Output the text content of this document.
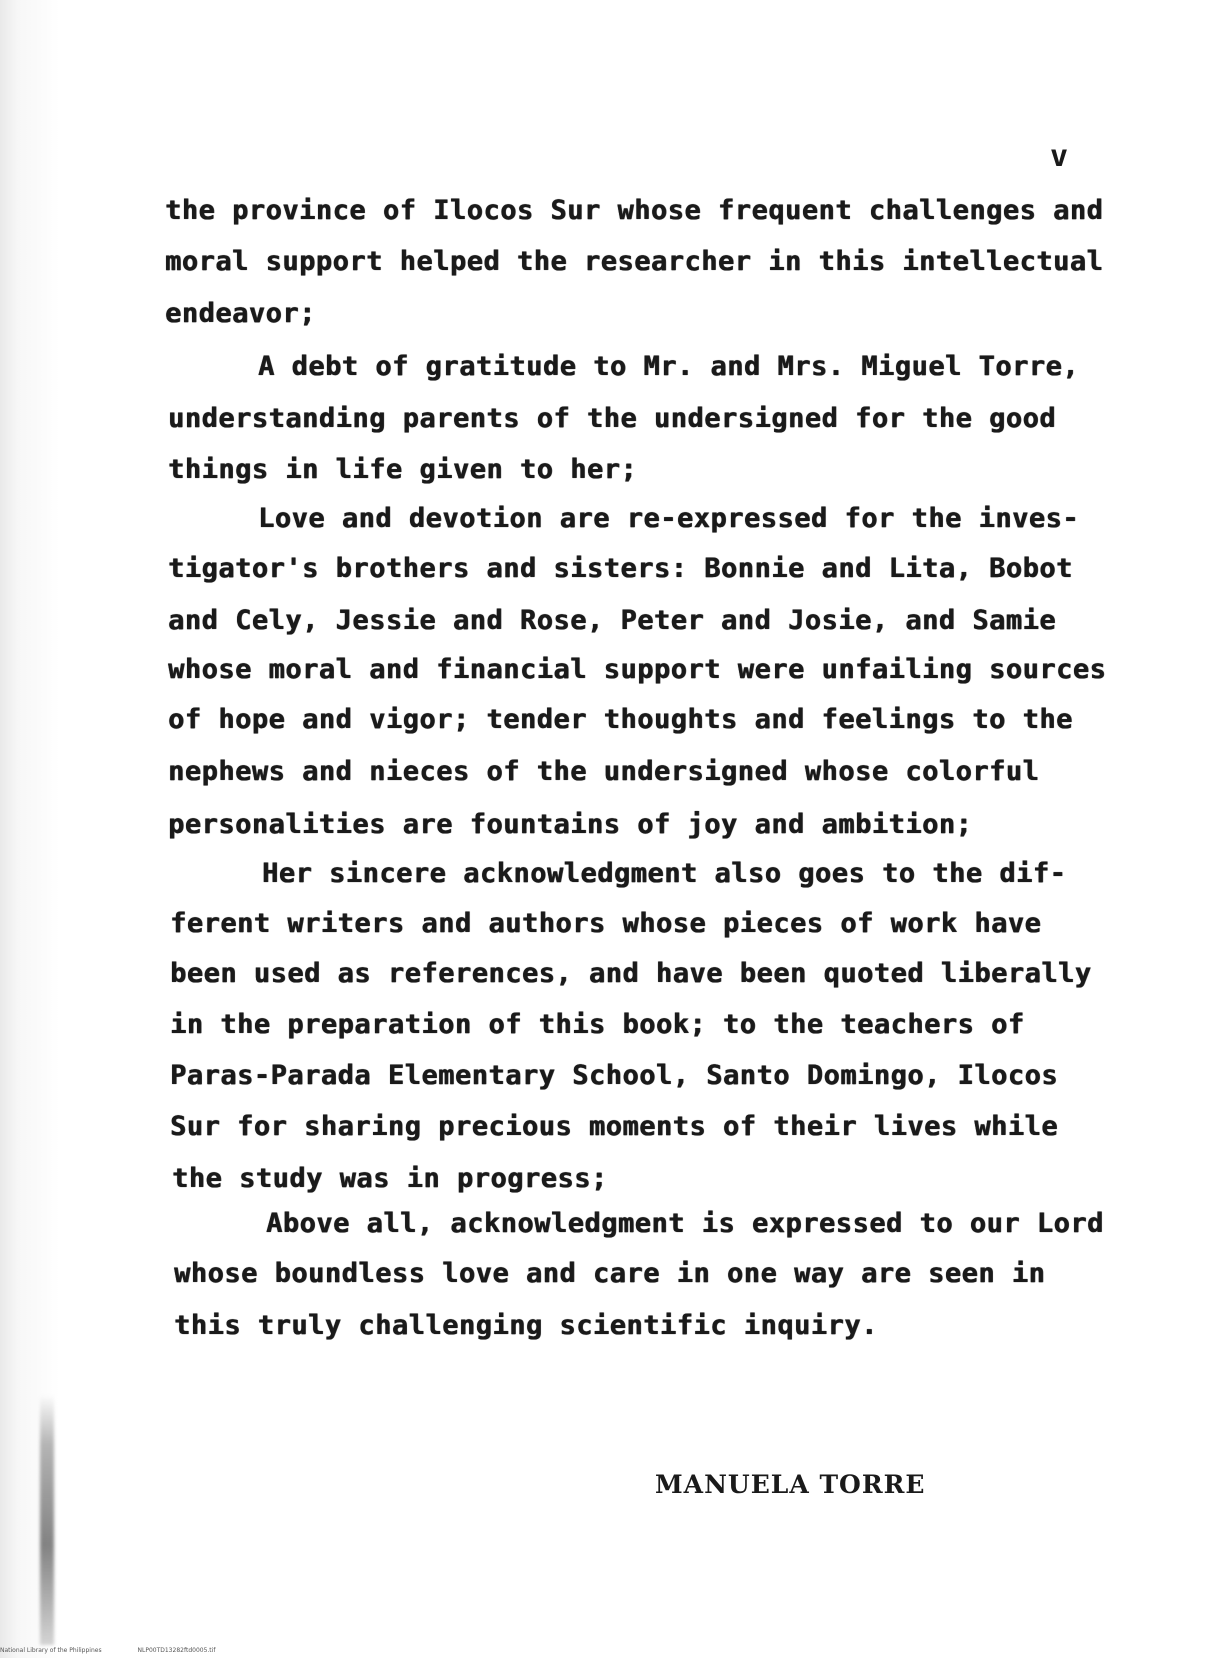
v
the province of Ilocos Sur whose frequent challenges and
moral support helped the researcher in this intellectual
endeavor;
A debt of gratitude to Mr. and Mrs. Miguel Torre,
understanding parents of the undersigned for the good
things in life given to her;
Love and devotion are re-expressed for the inves-
tigator's brothers and sisters: Bonnie and Lita, Bobot
and Cely, Jessie and Rose, Peter and Josie, and Samie
whose moral and financial support were unfailing sources
of hope and vigor; tender thoughts and feelings to the
nephews and nieces of the undersigned whose colorful
personalities are fountains of joy and ambition;
Her sincere acknowledgment also goes to the dif-
ferent writers and authors whose pieces of work have
been used as references, and have been quoted liberally
in the preparation of this book; to the teachers of
Paras-Parada Elementary School, Santo Domingo, Ilocos
Sur for sharing precious moments of their lives while
the study was in progress;
Above all, acknowledgment is expressed to our Lord
whose boundless love and care in one way are seen in
this truly challenging scientific inquiry.
MANUELA TORRE
National Library of the Philippines	NLP00TD13282ftd0005.tif
